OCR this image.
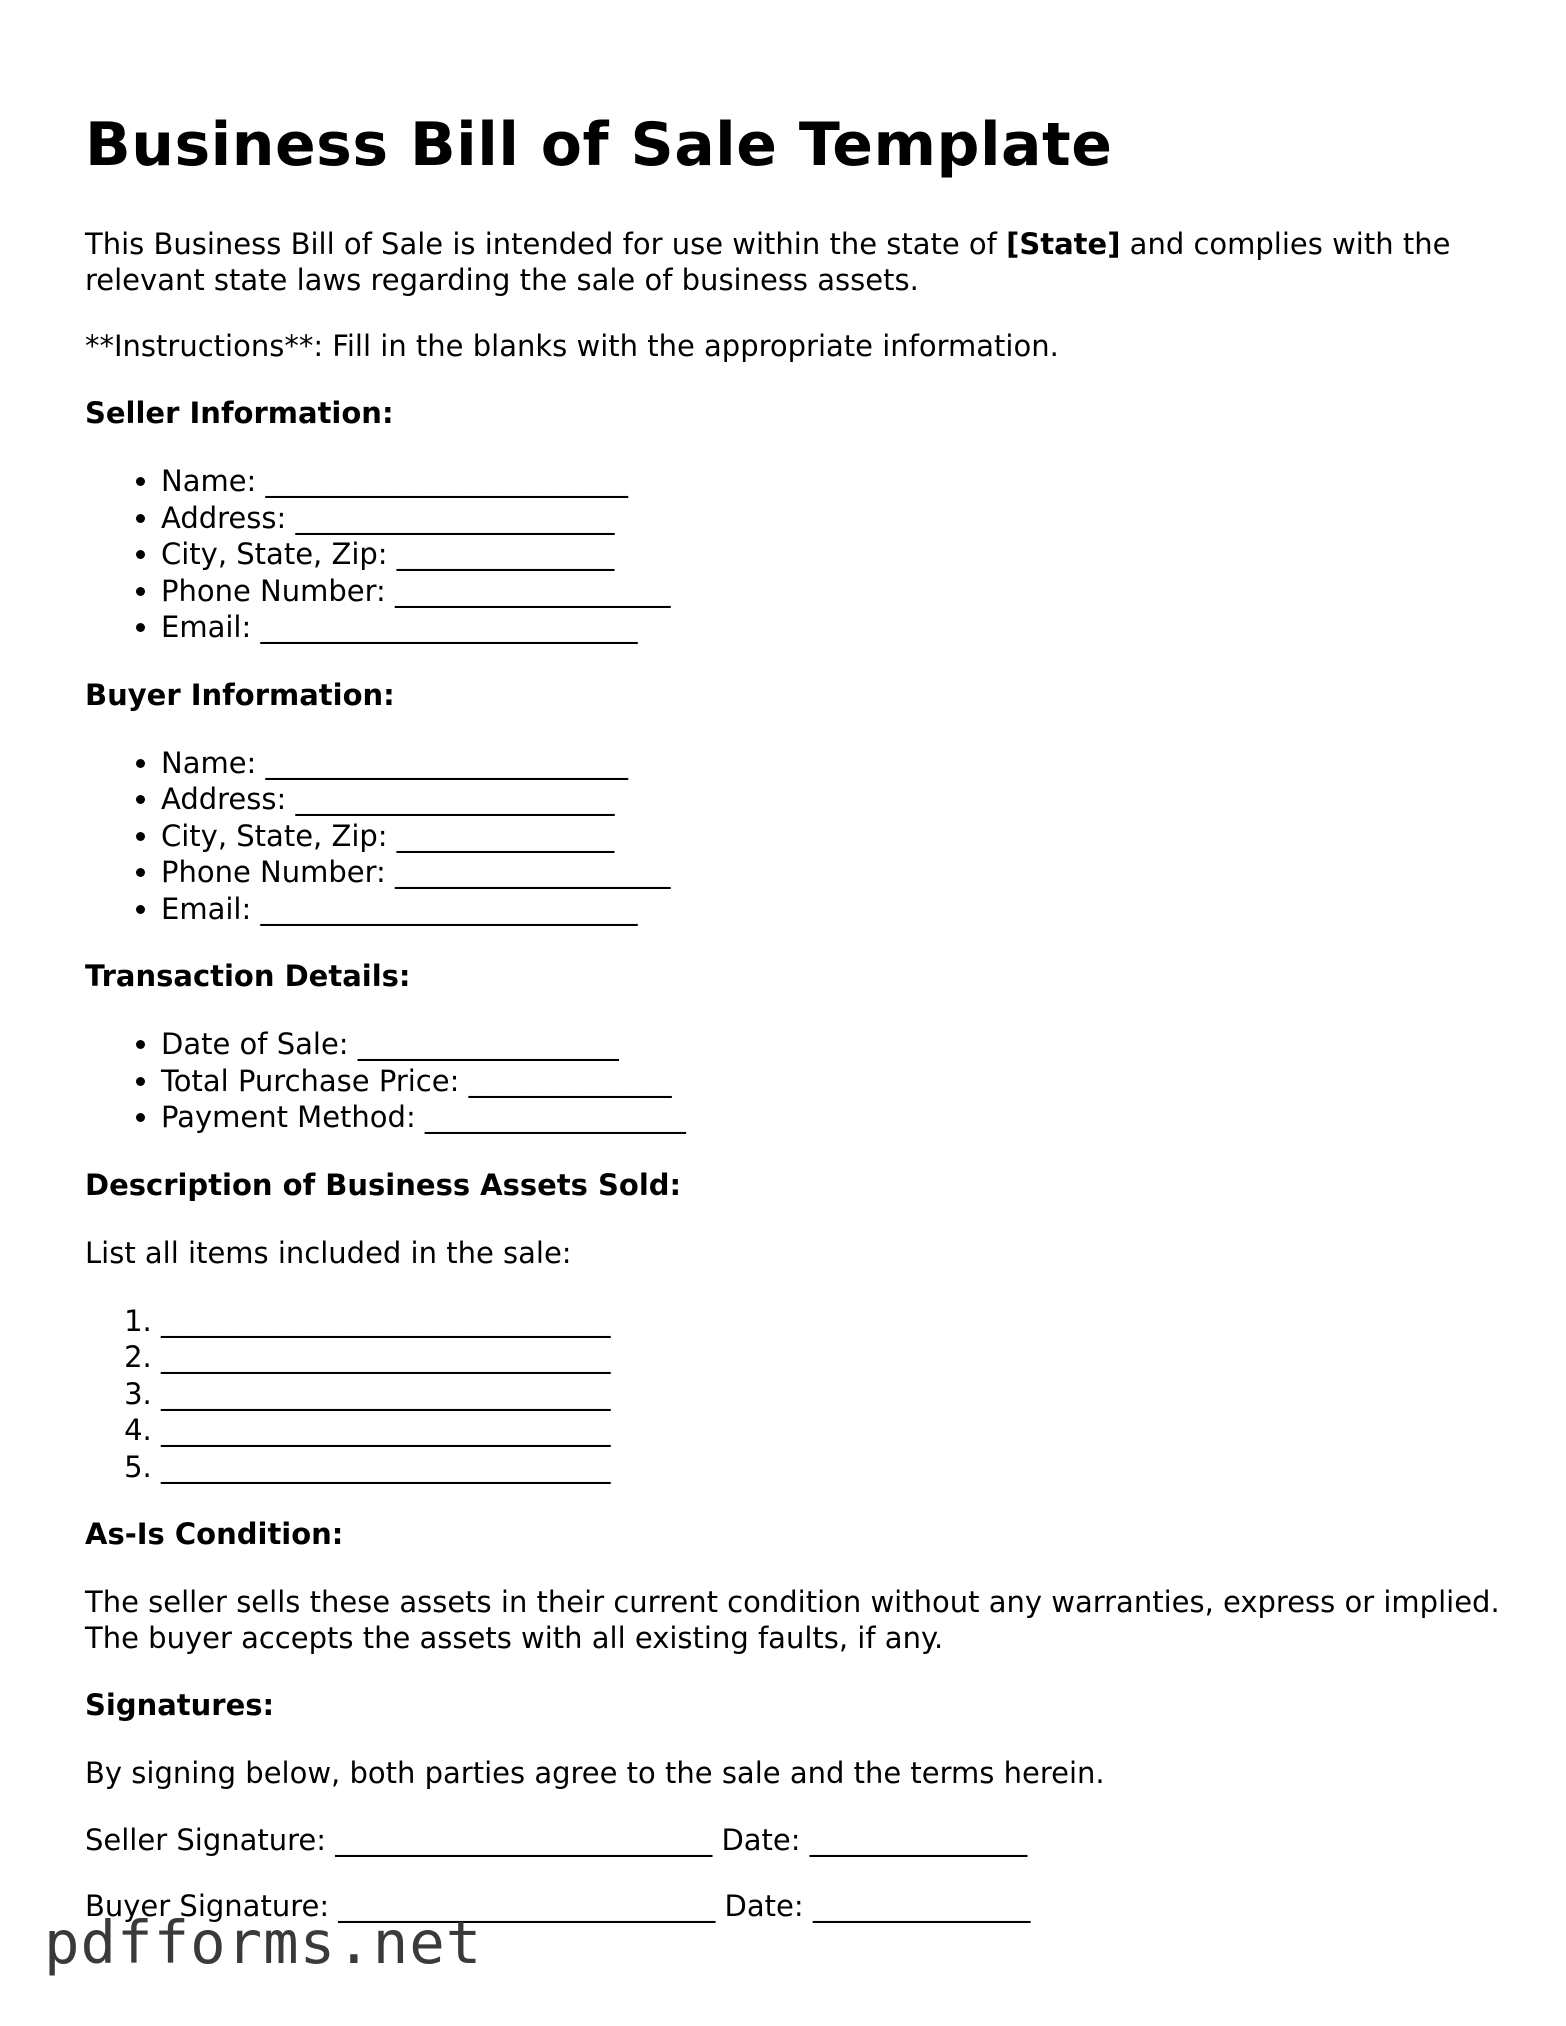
Business Bill of Sale Template

This Business Bill of Sale is intended for use within the state of [State] and complies with the relevant state laws regarding the sale of business assets.

**Instructions**: Fill in the blanks with the appropriate information.

Seller Information:

• Name: _________________________
• Address: ______________________
• City, State, Zip: _______________
• Phone Number: ___________________
• Email: __________________________

Buyer Information:

• Name: _________________________
• Address: ______________________
• City, State, Zip: _______________
• Phone Number: ___________________
• Email: __________________________

Transaction Details:

• Date of Sale: __________________
• Total Purchase Price: ______________
• Payment Method: __________________

Description of Business Assets Sold:

List all items included in the sale:

1. _______________________________
2. _______________________________
3. _______________________________
4. _______________________________
5. _______________________________

As-Is Condition:

The seller sells these assets in their current condition without any warranties, express or implied. The buyer accepts the assets with all existing faults, if any.

Signatures:

By signing below, both parties agree to the sale and the terms herein.

Seller Signature: __________________________ Date: _______________

Buyer Signature: __________________________ Date: _______________

pdfforms.net
